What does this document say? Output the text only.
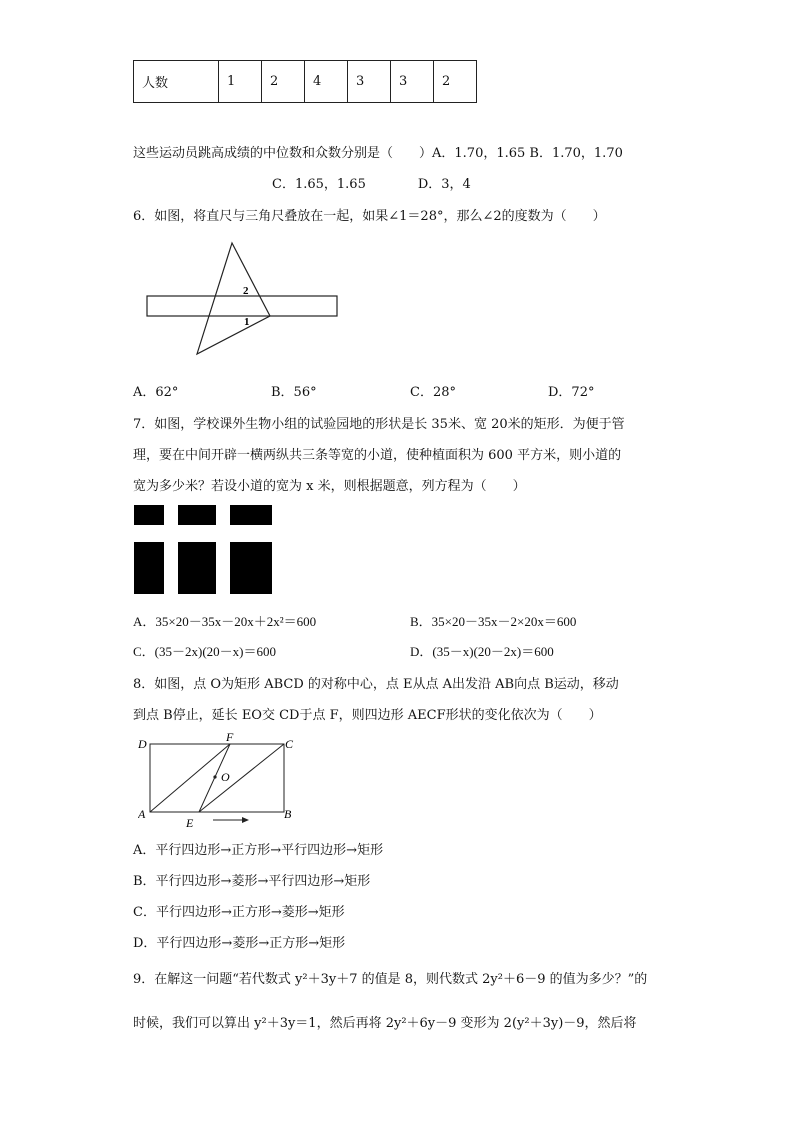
人数	1	2	4	3	3	2
这些运动员跳高成绩的中位数和众数分别是（　　）A．1.70，1.65 B．1.70，1.70
C．1.65，1.65　　　　D．3，4
6．如图，将直尺与三角尺叠放在一起，如果∠1＝28°，那么∠2的度数为（　　）
2
1
A．62°	B．56°	C．28°	D．72°
7．如图，学校课外生物小组的试验园地的形状是长 35米、宽 20米的矩形．为便于管
理，要在中间开辟一横两纵共三条等宽的小道，使种植面积为 600 平方米，则小道的
宽为多少米？若设小道的宽为 x 米，则根据题意，列方程为（　　）
A．35×20－35x－20x＋2x²＝600	B．35×20－35x－2×20x＝600
C．(35－2x)(20－x)＝600	D．(35－x)(20－2x)＝600
8．如图，点 O为矩形 ABCD 的对称中心，点 E从点 A出发沿 AB向点 B运动，移动
到点 B停止，延长 EO交 CD于点 F，则四边形 AECF形状的变化依次为（　　）
D	F	C
O
A
E
B
A．平行四边形→正方形→平行四边形→矩形
B．平行四边形→菱形→平行四边形→矩形
C．平行四边形→正方形→菱形→矩形
D．平行四边形→菱形→正方形→矩形
9．在解这一问题“若代数式 y²＋3y＋7 的值是 8，则代数式 2y²＋6－9 的值为多少？”的
时候，我们可以算出 y²＋3y＝1，然后再将 2y²＋6y－9 变形为 2(y²＋3y)－9，然后将
